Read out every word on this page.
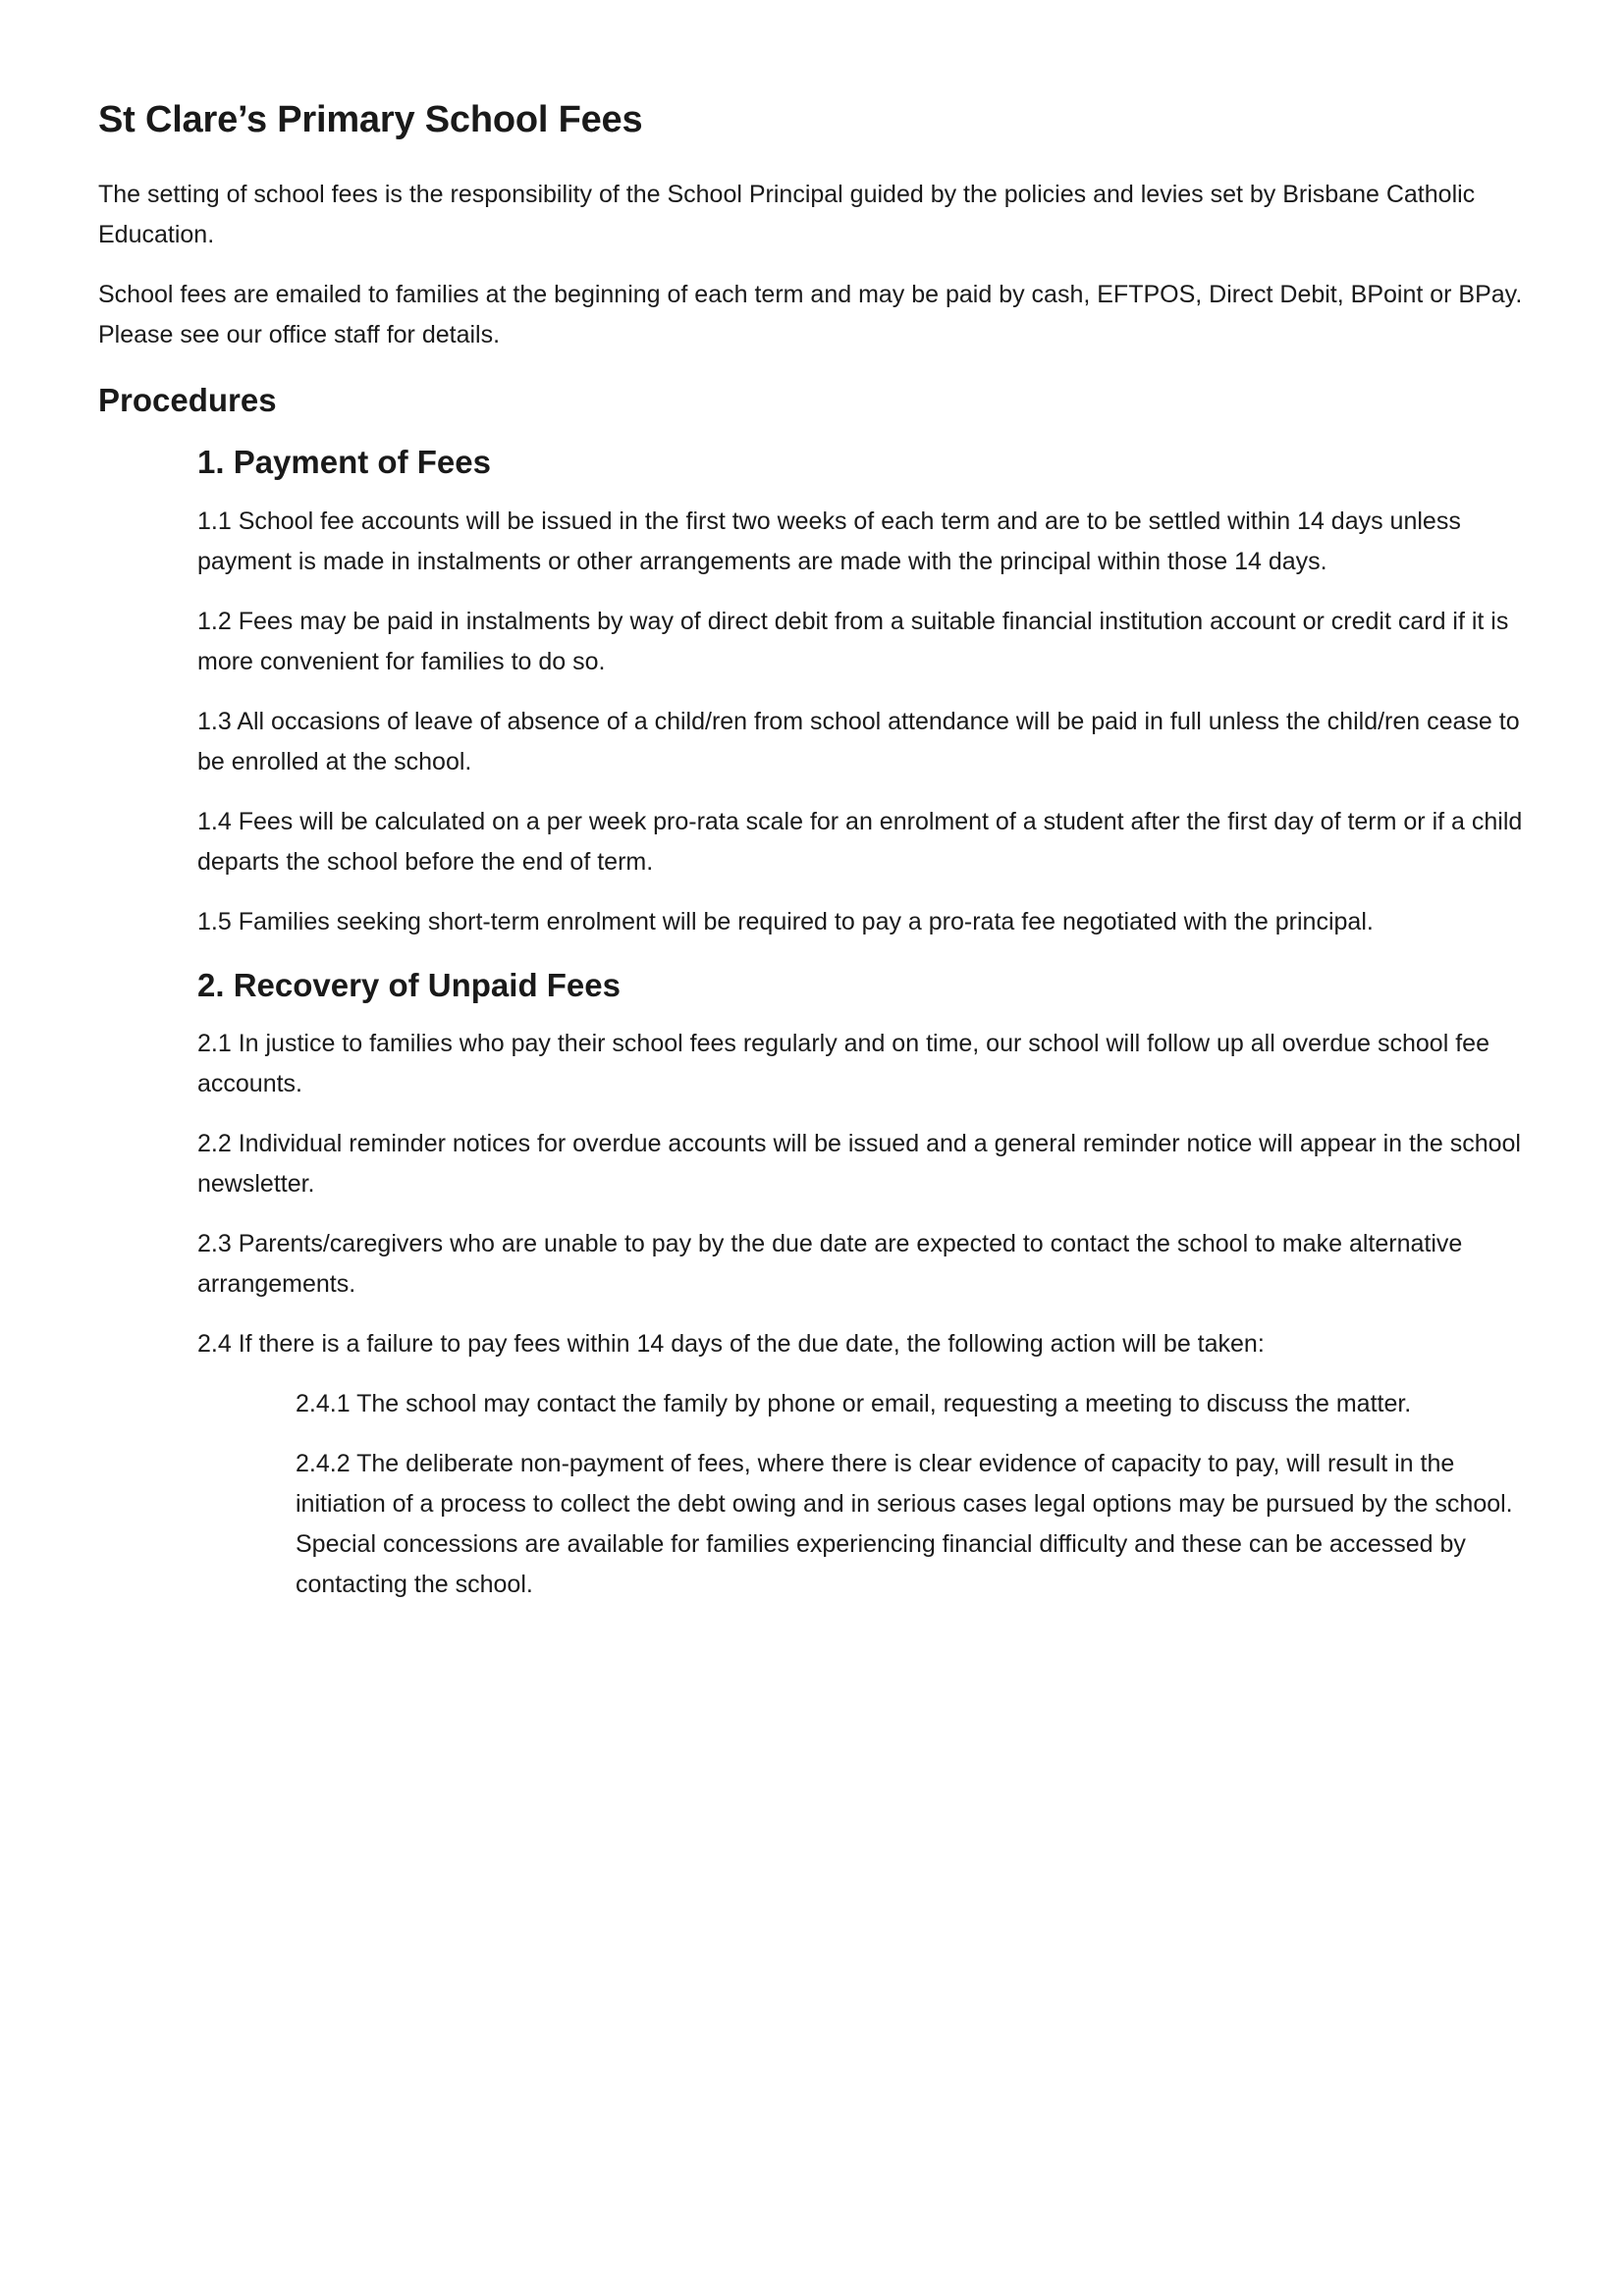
St Clare’s Primary School Fees

The setting of school fees is the responsibility of the School Principal guided by the policies and levies set by Brisbane Catholic Education.

School fees are emailed to families at the beginning of each term and may be paid by cash, EFTPOS, Direct Debit, BPoint or BPay. Please see our office staff for details.

Procedures
1. Payment of Fees

1.1 School fee accounts will be issued in the first two weeks of each term and are to be settled within 14 days unless payment is made in instalments or other arrangements are made with the principal within those 14 days.

1.2 Fees may be paid in instalments by way of direct debit from a suitable financial institution account or credit card if it is more convenient for families to do so.

1.3 All occasions of leave of absence of a child/ren from school attendance will be paid in full unless the child/ren cease to be enrolled at the school.

1.4 Fees will be calculated on a per week pro-rata scale for an enrolment of a student after the first day of term or if a child departs the school before the end of term.

1.5 Families seeking short-term enrolment will be required to pay a pro-rata fee negotiated with the principal.

2. Recovery of Unpaid Fees

2.1 In justice to families who pay their school fees regularly and on time, our school will follow up all overdue school fee accounts.

2.2 Individual reminder notices for overdue accounts will be issued and a general reminder notice will appear in the school newsletter.

2.3 Parents/caregivers who are unable to pay by the due date are expected to contact the school to make alternative arrangements.

2.4 If there is a failure to pay fees within 14 days of the due date, the following action will be taken:

2.4.1 The school may contact the family by phone or email, requesting a meeting to discuss the matter.

2.4.2 The deliberate non-payment of fees, where there is clear evidence of capacity to pay, will result in the initiation of a process to collect the debt owing and in serious cases legal options may be pursued by the school. Special concessions are available for families experiencing financial difficulty and these can be accessed by contacting the school.
